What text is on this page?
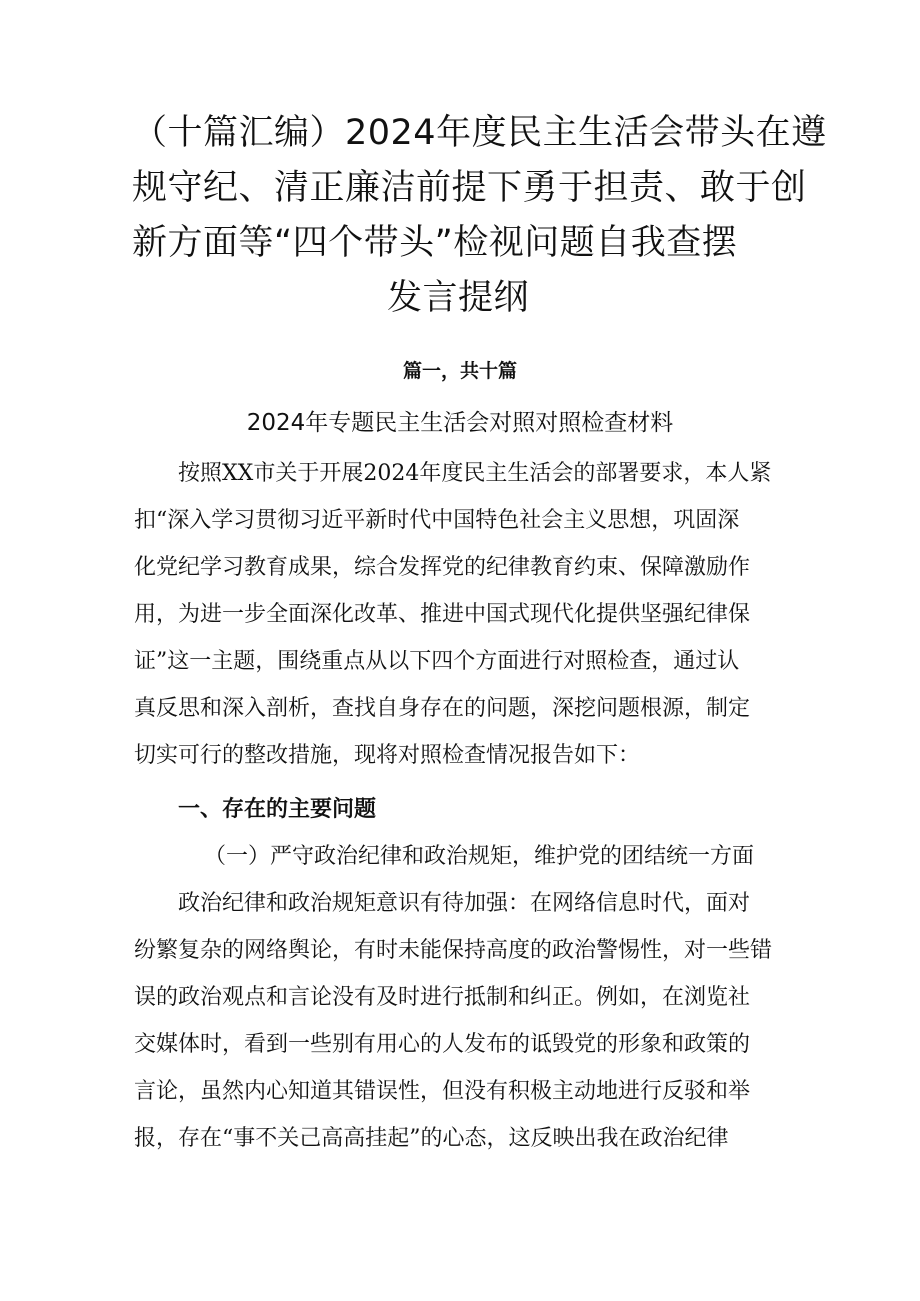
（十篇汇编）2024年度民主生活会带头在遵
规守纪、清正廉洁前提下勇于担责、敢于创
新方面等“四个带头”检视问题自我查摆
发言提纲
篇一，共十篇
2024年专题民主生活会对照对照检查材料
按照XX市关于开展2024年度民主生活会的部署要求，本人紧
扣“深入学习贯彻习近平新时代中国特色社会主义思想，巩固深
化党纪学习教育成果，综合发挥党的纪律教育约束、保障激励作
用，为进一步全面深化改革、推进中国式现代化提供坚强纪律保
证”这一主题，围绕重点从以下四个方面进行对照检查，通过认
真反思和深入剖析，查找自身存在的问题，深挖问题根源，制定
切实可行的整改措施，现将对照检查情况报告如下：
一、存在的主要问题
（一）严守政治纪律和政治规矩，维护党的团结统一方面
政治纪律和政治规矩意识有待加强：在网络信息时代，面对
纷繁复杂的网络舆论，有时未能保持高度的政治警惕性，对一些错
误的政治观点和言论没有及时进行抵制和纠正。例如，在浏览社
交媒体时，看到一些别有用心的人发布的诋毁党的形象和政策的
言论，虽然内心知道其错误性，但没有积极主动地进行反驳和举
报，存在“事不关己高高挂起”的心态，这反映出我在政治纪律
